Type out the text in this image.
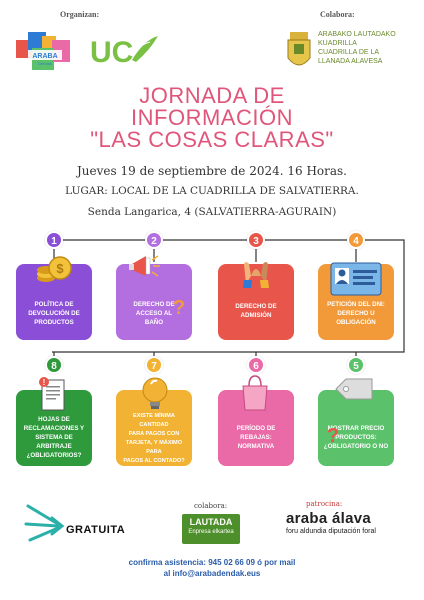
Organizan:	Colabora:
ARABA
Dendak UC
ARABAKO LAUTADAKO
KUADRILLA
CUADRILLA DE LA
LLANADA ALAVESA
JORNADA DE
INFORMACIÓN
"LAS COSAS CLARAS"
Jueves 19 de septiembre de 2024. 16 Horas.
LUGAR: LOCAL DE LA CUADRILLA DE SALVATIERRA.
Senda Langarica, 4 (SALVATIERRA-AGURAIN)
1	2	3	4
POLÍTICA DE
DEVOLUCIÓN DE
PRODUCTOS
DERECHO DE
ACCESO AL
BAÑO
DERECHO DE
ADMISIÓN
PETICIÓN DEL DNI:
DERECHO U
OBLIGACIÓN
$
?
8	7	6	5
HOJAS DE
RECLAMACIONES Y
SISTEMA DE ARBITRAJE
¿OBLIGATORIOS?
EXISTE MÍNIMA CANTIDAD
PARA PAGOS CON
TARJETA, Y MÁXIMO PARA
PAGOS AL CONTADO?
PERÍODO DE REBAJAS:
NORMATIVA
MOSTRAR PRECIO
PRODUCTOS:
¿OBLIGATORIO O NO
!
?
GRATUITA
colabora:
LAUTADA
Enpresa elkartea
patrocina:
araba álava
foru aldundia diputación foral
confirma asistencia: 945 02 66 09 ó por mail
al info@arabadendak.eus
